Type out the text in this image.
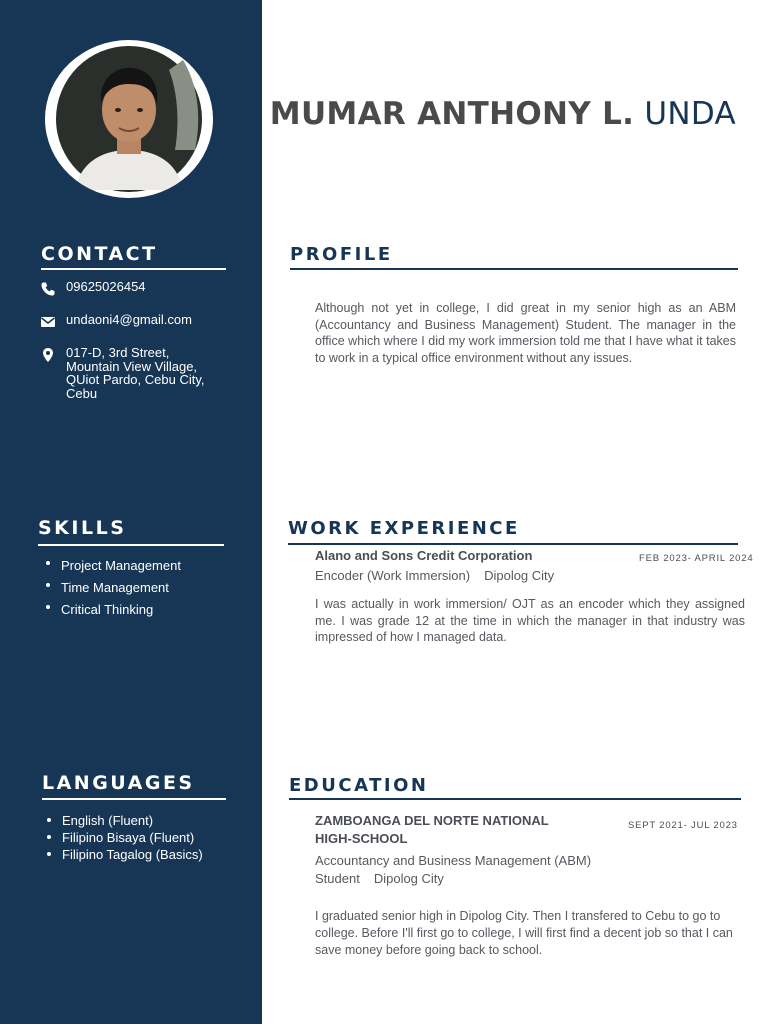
CONTACT
09625026454
undaoni4@gmail.com
017-D, 3rd Street,
Mountain View Village,
QUiot Pardo, Cebu City,
Cebu
SKILLS
Project Management
Time Management
Critical Thinking
LANGUAGES
English (Fluent)
Filipino Bisaya (Fluent)
Filipino Tagalog (Basics)
MUMAR ANTHONY L. UNDA
PROFILE

Although not yet in college, I did great in my senior high as an ABM (Accountancy and Business Management) Student. The manager in the office which where I did my work immersion told me that I have what it takes to work in a typical office environment without any issues.

WORK EXPERIENCE
Alano and Sons Credit Corporation	FEB 2023- APRIL 2024
Encoder (Work Immersion) Dipolog City

I was actually in work immersion/ OJT as an encoder which they assigned me. I was grade 12 at the time in which the manager in that industry was impressed of how I managed data.

EDUCATION
ZAMBOANGA DEL NORTE NATIONAL
HIGH-SCHOOL
SEPT 2021- JUL 2023
Accountancy and Business Management (ABM)
Student Dipolog City

I graduated senior high in Dipolog City. Then I transfered to Cebu to go to college. Before I'll first go to college, I will first find a decent job so that I can save money before going back to school.
